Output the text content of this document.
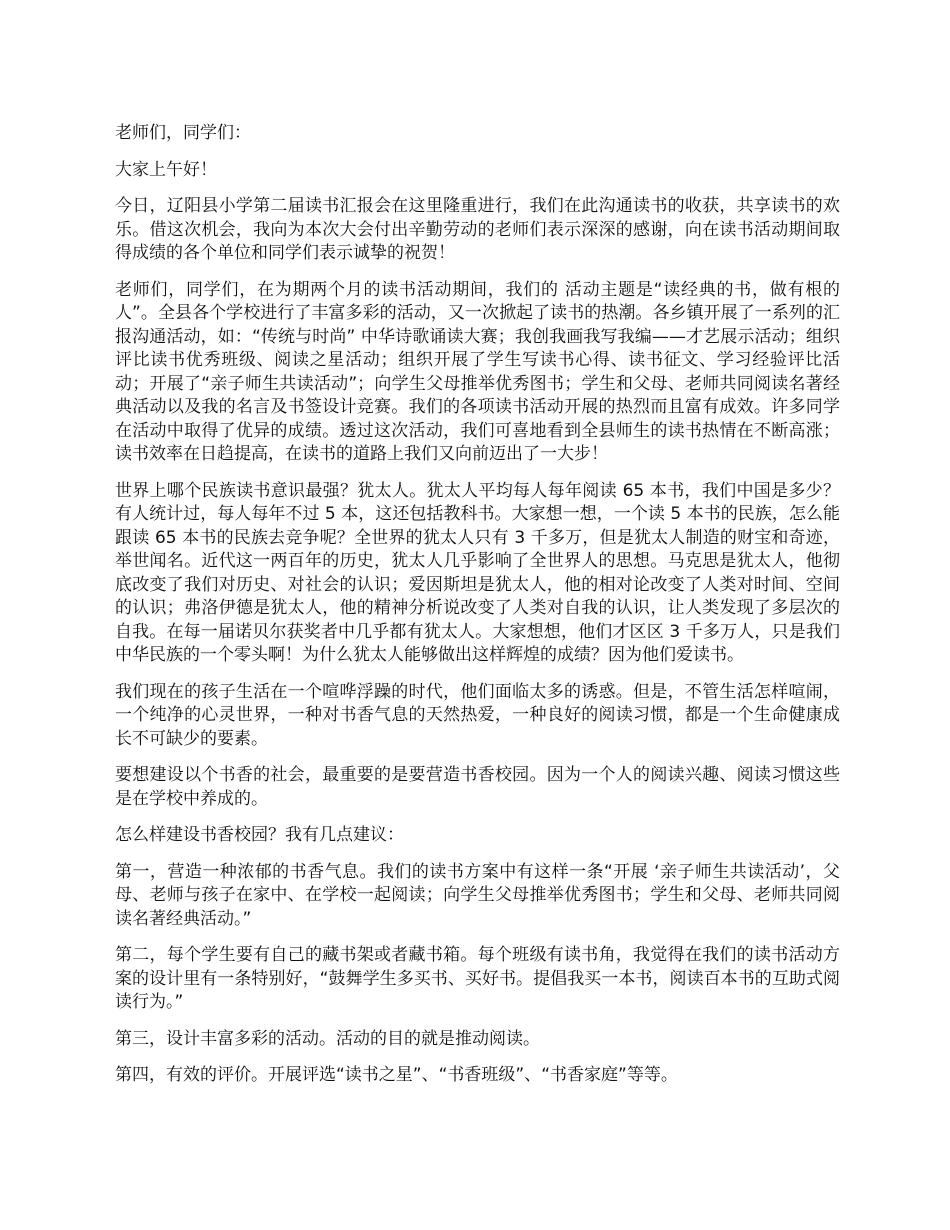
老师们，同学们：

大家上午好！

今日，辽阳县小学第二届读书汇报会在这里隆重进行，我们在此沟通读书的收获，共享读书的欢乐。借这次机会，我向为本次大会付出辛勤劳动的老师们表示深深的感谢，向在读书活动期间取得成绩的各个单位和同学们表示诚挚的祝贺！

老师们，同学们，在为期两个月的读书活动期间，我们的 活动主题是“读经典的书，做有根的人”。全县各个学校进行了丰富多彩的活动，又一次掀起了读书的热潮。各乡镇开展了一系列的汇报沟通活动，如：“传统与时尚” 中华诗歌诵读大赛；我创我画我写我编——才艺展示活动；组织评比读书优秀班级、阅读之星活动；组织开展了学生写读书心得、读书征文、学习经验评比活动；开展了“亲子师生共读活动”；向学生父母推举优秀图书；学生和父母、老师共同阅读名著经典活动以及我的名言及书签设计竞赛。我们的各项读书活动开展的热烈而且富有成效。许多同学在活动中取得了优异的成绩。透过这次活动，我们可喜地看到全县师生的读书热情在不断高涨；读书效率在日趋提高，在读书的道路上我们又向前迈出了一大步！

世界上哪个民族读书意识最强？犹太人。犹太人平均每人每年阅读 65 本书，我们中国是多少？有人统计过，每人每年不过 5 本，这还包括教科书。大家想一想，一个读 5 本书的民族，怎么能跟读 65 本书的民族去竞争呢？全世界的犹太人只有 3 千多万，但是犹太人制造的财宝和奇迹，举世闻名。近代这一两百年的历史，犹太人几乎影响了全世界人的思想。马克思是犹太人，他彻底改变了我们对历史、对社会的认识；爱因斯坦是犹太人，他的相对论改变了人类对时间、空间的认识；弗洛伊德是犹太人，他的精神分析说改变了人类对自我的认识，让人类发现了多层次的自我。在每一届诺贝尔获奖者中几乎都有犹太人。大家想想，他们才区区 3 千多万人，只是我们中华民族的一个零头啊！为什么犹太人能够做出这样辉煌的成绩？因为他们爱读书。

我们现在的孩子生活在一个喧哗浮躁的时代，他们面临太多的诱惑。但是，不管生活怎样喧闹，一个纯净的心灵世界，一种对书香气息的天然热爱，一种良好的阅读习惯，都是一个生命健康成长不可缺少的要素。

要想建设以个书香的社会，最重要的是要营造书香校园。因为一个人的阅读兴趣、阅读习惯这些是在学校中养成的。

怎么样建设书香校园？我有几点建议：

第一，营造一种浓郁的书香气息。我们的读书方案中有这样一条“开展 ‘亲子师生共读活动’，父母、老师与孩子在家中、在学校一起阅读；向学生父母推举优秀图书；学生和父母、老师共同阅读名著经典活动。”

第二，每个学生要有自己的藏书架或者藏书箱。每个班级有读书角，我觉得在我们的读书活动方案的设计里有一条特别好，“鼓舞学生多买书、买好书。提倡我买一本书，阅读百本书的互助式阅读行为。”

第三，设计丰富多彩的活动。活动的目的就是推动阅读。

第四，有效的评价。开展评选“读书之星”、“书香班级”、“书香家庭”等等。
